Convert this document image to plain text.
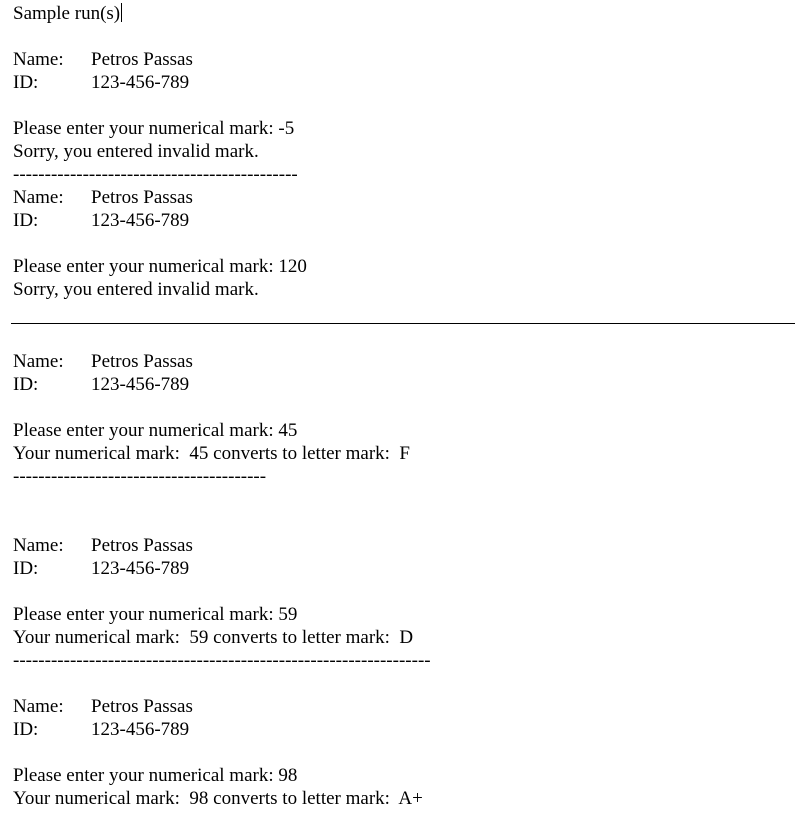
Sample run(s)
Name: Petros Passas
ID:	123-456-789
Please enter your numerical mark: -5
Sorry, you entered invalid mark.
---------------------------------------------
Name: Petros Passas
ID:	123-456-789
Please enter your numerical mark: 120
Sorry, you entered invalid mark.
Name: Petros Passas
ID:	123-456-789
Please enter your numerical mark: 45
Your numerical mark:  45 converts to letter mark:  F
----------------------------------------
Name: Petros Passas
ID:	123-456-789
Please enter your numerical mark: 59
Your numerical mark:  59 converts to letter mark:  D
------------------------------------------------------------------
Name: Petros Passas
ID:	123-456-789
Please enter your numerical mark: 98
Your numerical mark:  98 converts to letter mark:  A+
